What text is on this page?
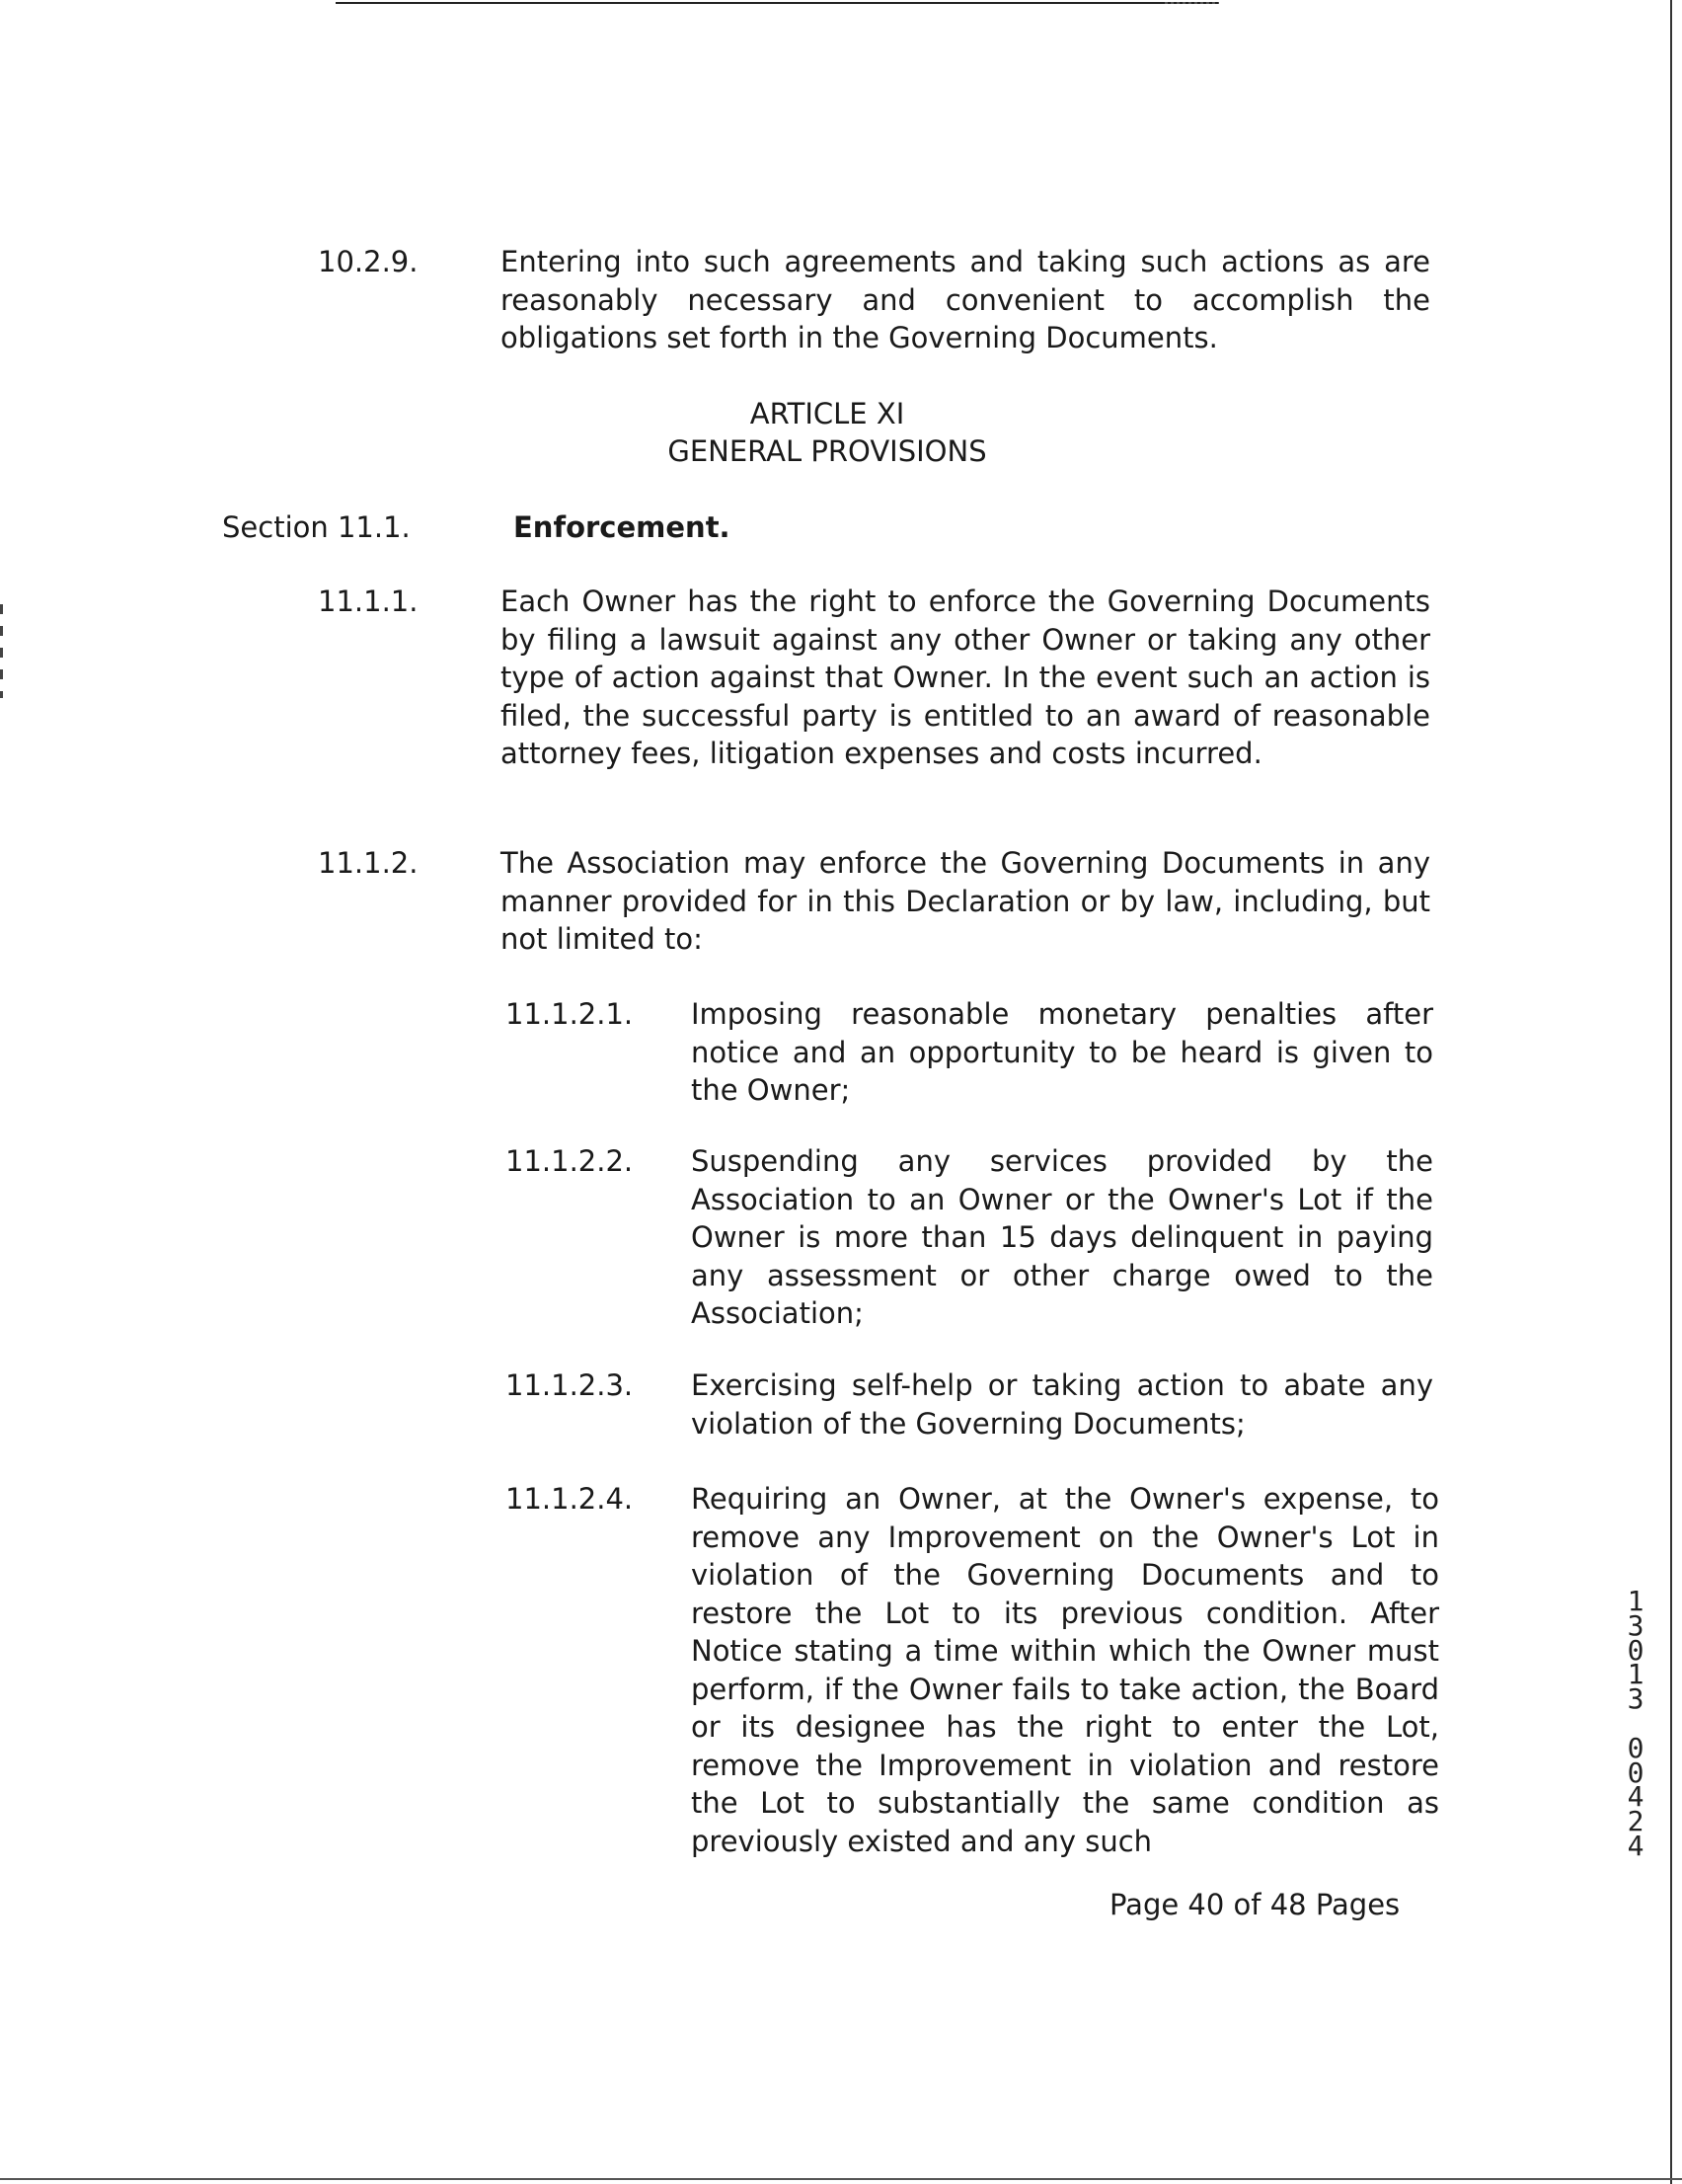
10.2.9.	Entering into such agreements and taking such actions as are reasonably necessary and convenient to accomplish the obligations set forth in the Governing Documents.
ARTICLE XI
GENERAL PROVISIONS
Section 11.1.	Enforcement.
11.1.1.	Each Owner has the right to enforce the Governing Documents by filing a lawsuit against any other Owner or taking any other type of action against that Owner. In the event such an action is filed, the successful party is entitled to an award of reasonable attorney fees, litigation expenses and costs incurred.
11.1.2.	The Association may enforce the Governing Documents in any manner provided for in this Declaration or by law, including, but not limited to:
11.1.2.1. Imposing reasonable monetary penalties after notice and an opportunity to be heard is given to the Owner;
11.1.2.2. Suspending any services provided by the Association to an Owner or the Owner's Lot if the Owner is more than 15 days delinquent in paying any assessment or other charge owed to the Association;
11.1.2.3. Exercising self-help or taking action to abate any violation of the Governing Documents;
11.1.2.4. Requiring an Owner, at the Owner's expense, to remove any Improvement on the Owner's Lot in violation of the Governing Documents and to restore the Lot to its previous condition. After Notice stating a time within which the Owner must perform, if the Owner fails to take action, the Board or its designee has the right to enter the Lot, remove the Improvement in violation and restore the Lot to substantially the same condition as previously existed and any such
Page 40 of 48 Pages
1
3
0
1
3

0
0
4
2
4
